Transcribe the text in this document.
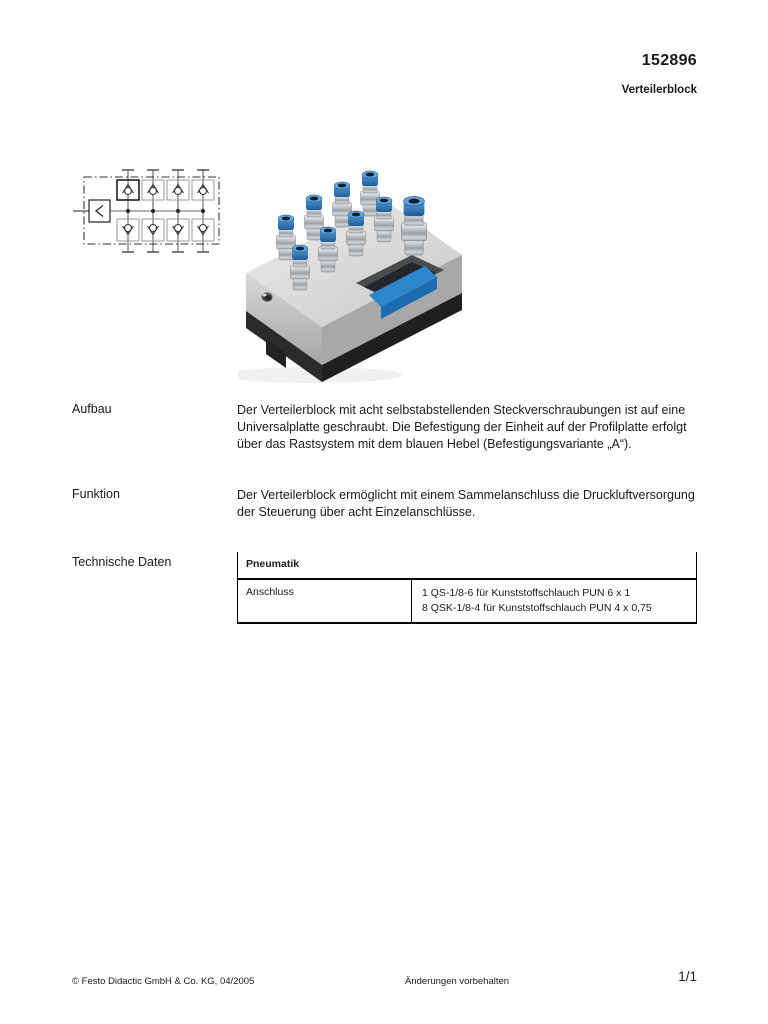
152896
Verteilerblock
Aufbau	Der Verteilerblock mit acht selbstabstellenden Steckverschraubungen ist auf eine
Universalplatte geschraubt. Die Befestigung der Einheit auf der Profilplatte erfolgt
über das Rastsystem mit dem blauen Hebel (Befestigungsvariante „A“).
Funktion	Der Verteilerblock ermöglicht mit einem Sammelanschluss die Druckluftversorgung
der Steuerung über acht Einzelanschlüsse.
Technische Daten	Pneumatik
Anschluss	1 QS-1/8-6 für Kunststoffschlauch PUN 6 x 1
8 QSK-1/8-4 für Kunststoffschlauch PUN 4 x 0,75
© Festo Didactic GmbH & Co. KG, 04/2005	Änderungen vorbehalten	1/1
